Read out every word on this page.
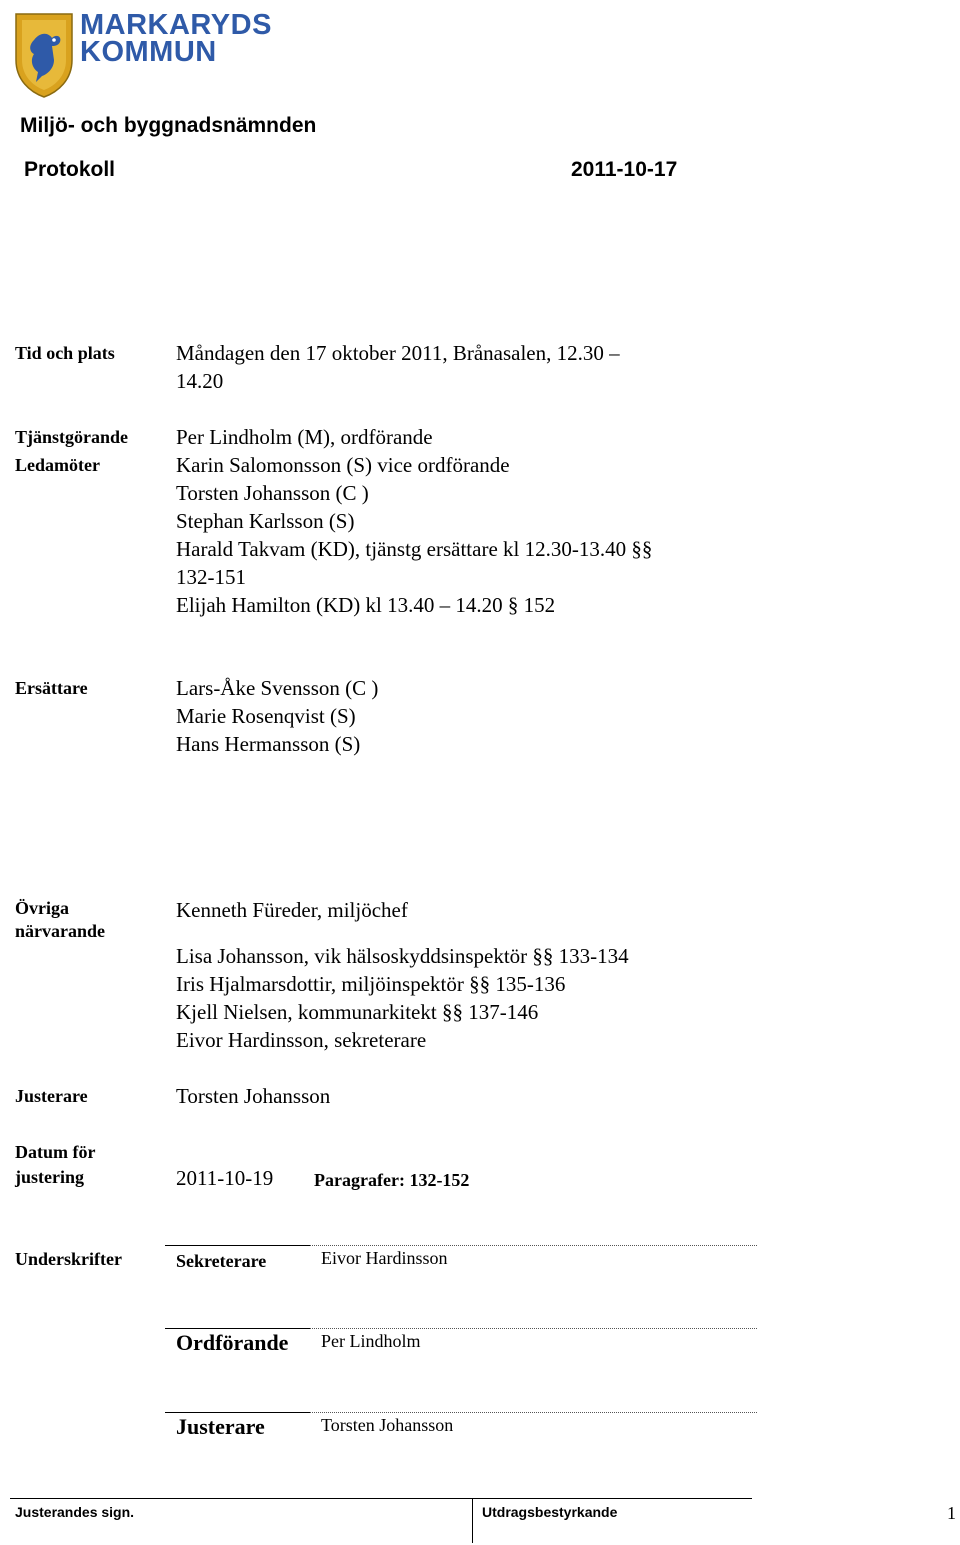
MARKARYDS
KOMMUN
Miljö- och byggnadsnämnden
Protokoll	2011-10-17
Tid och plats	Måndagen den 17 oktober 2011, Brånasalen, 12.30 –
14.20
Tjänstgörande
Ledamöter
Per Lindholm (M), ordförande
Karin Salomonsson (S) vice ordförande
Torsten Johansson (C )
Stephan Karlsson (S)
Harald Takvam (KD), tjänstg ersättare kl 12.30-13.40 §§
132-151
Elijah Hamilton (KD) kl 13.40 – 14.20 § 152
Ersättare	Lars-Åke Svensson (C )
Marie Rosenqvist (S)
Hans Hermansson (S)
Övriga
närvarande
Kenneth Füreder, miljöchef
Lisa Johansson, vik hälsoskyddsinspektör §§ 133-134
Iris Hjalmarsdottir, miljöinspektör §§ 135-136
Kjell Nielsen, kommunarkitekt §§ 137-146
Eivor Hardinsson, sekreterare
Justerare	Torsten Johansson
Datum för
justering	2011-10-19 Paragrafer: 132-152
Underskrifter	Sekreterare	Eivor Hardinsson
Ordförande Per Lindholm
Justerare	Torsten Johansson
Justerandes sign.	Utdragsbestyrkande	1
